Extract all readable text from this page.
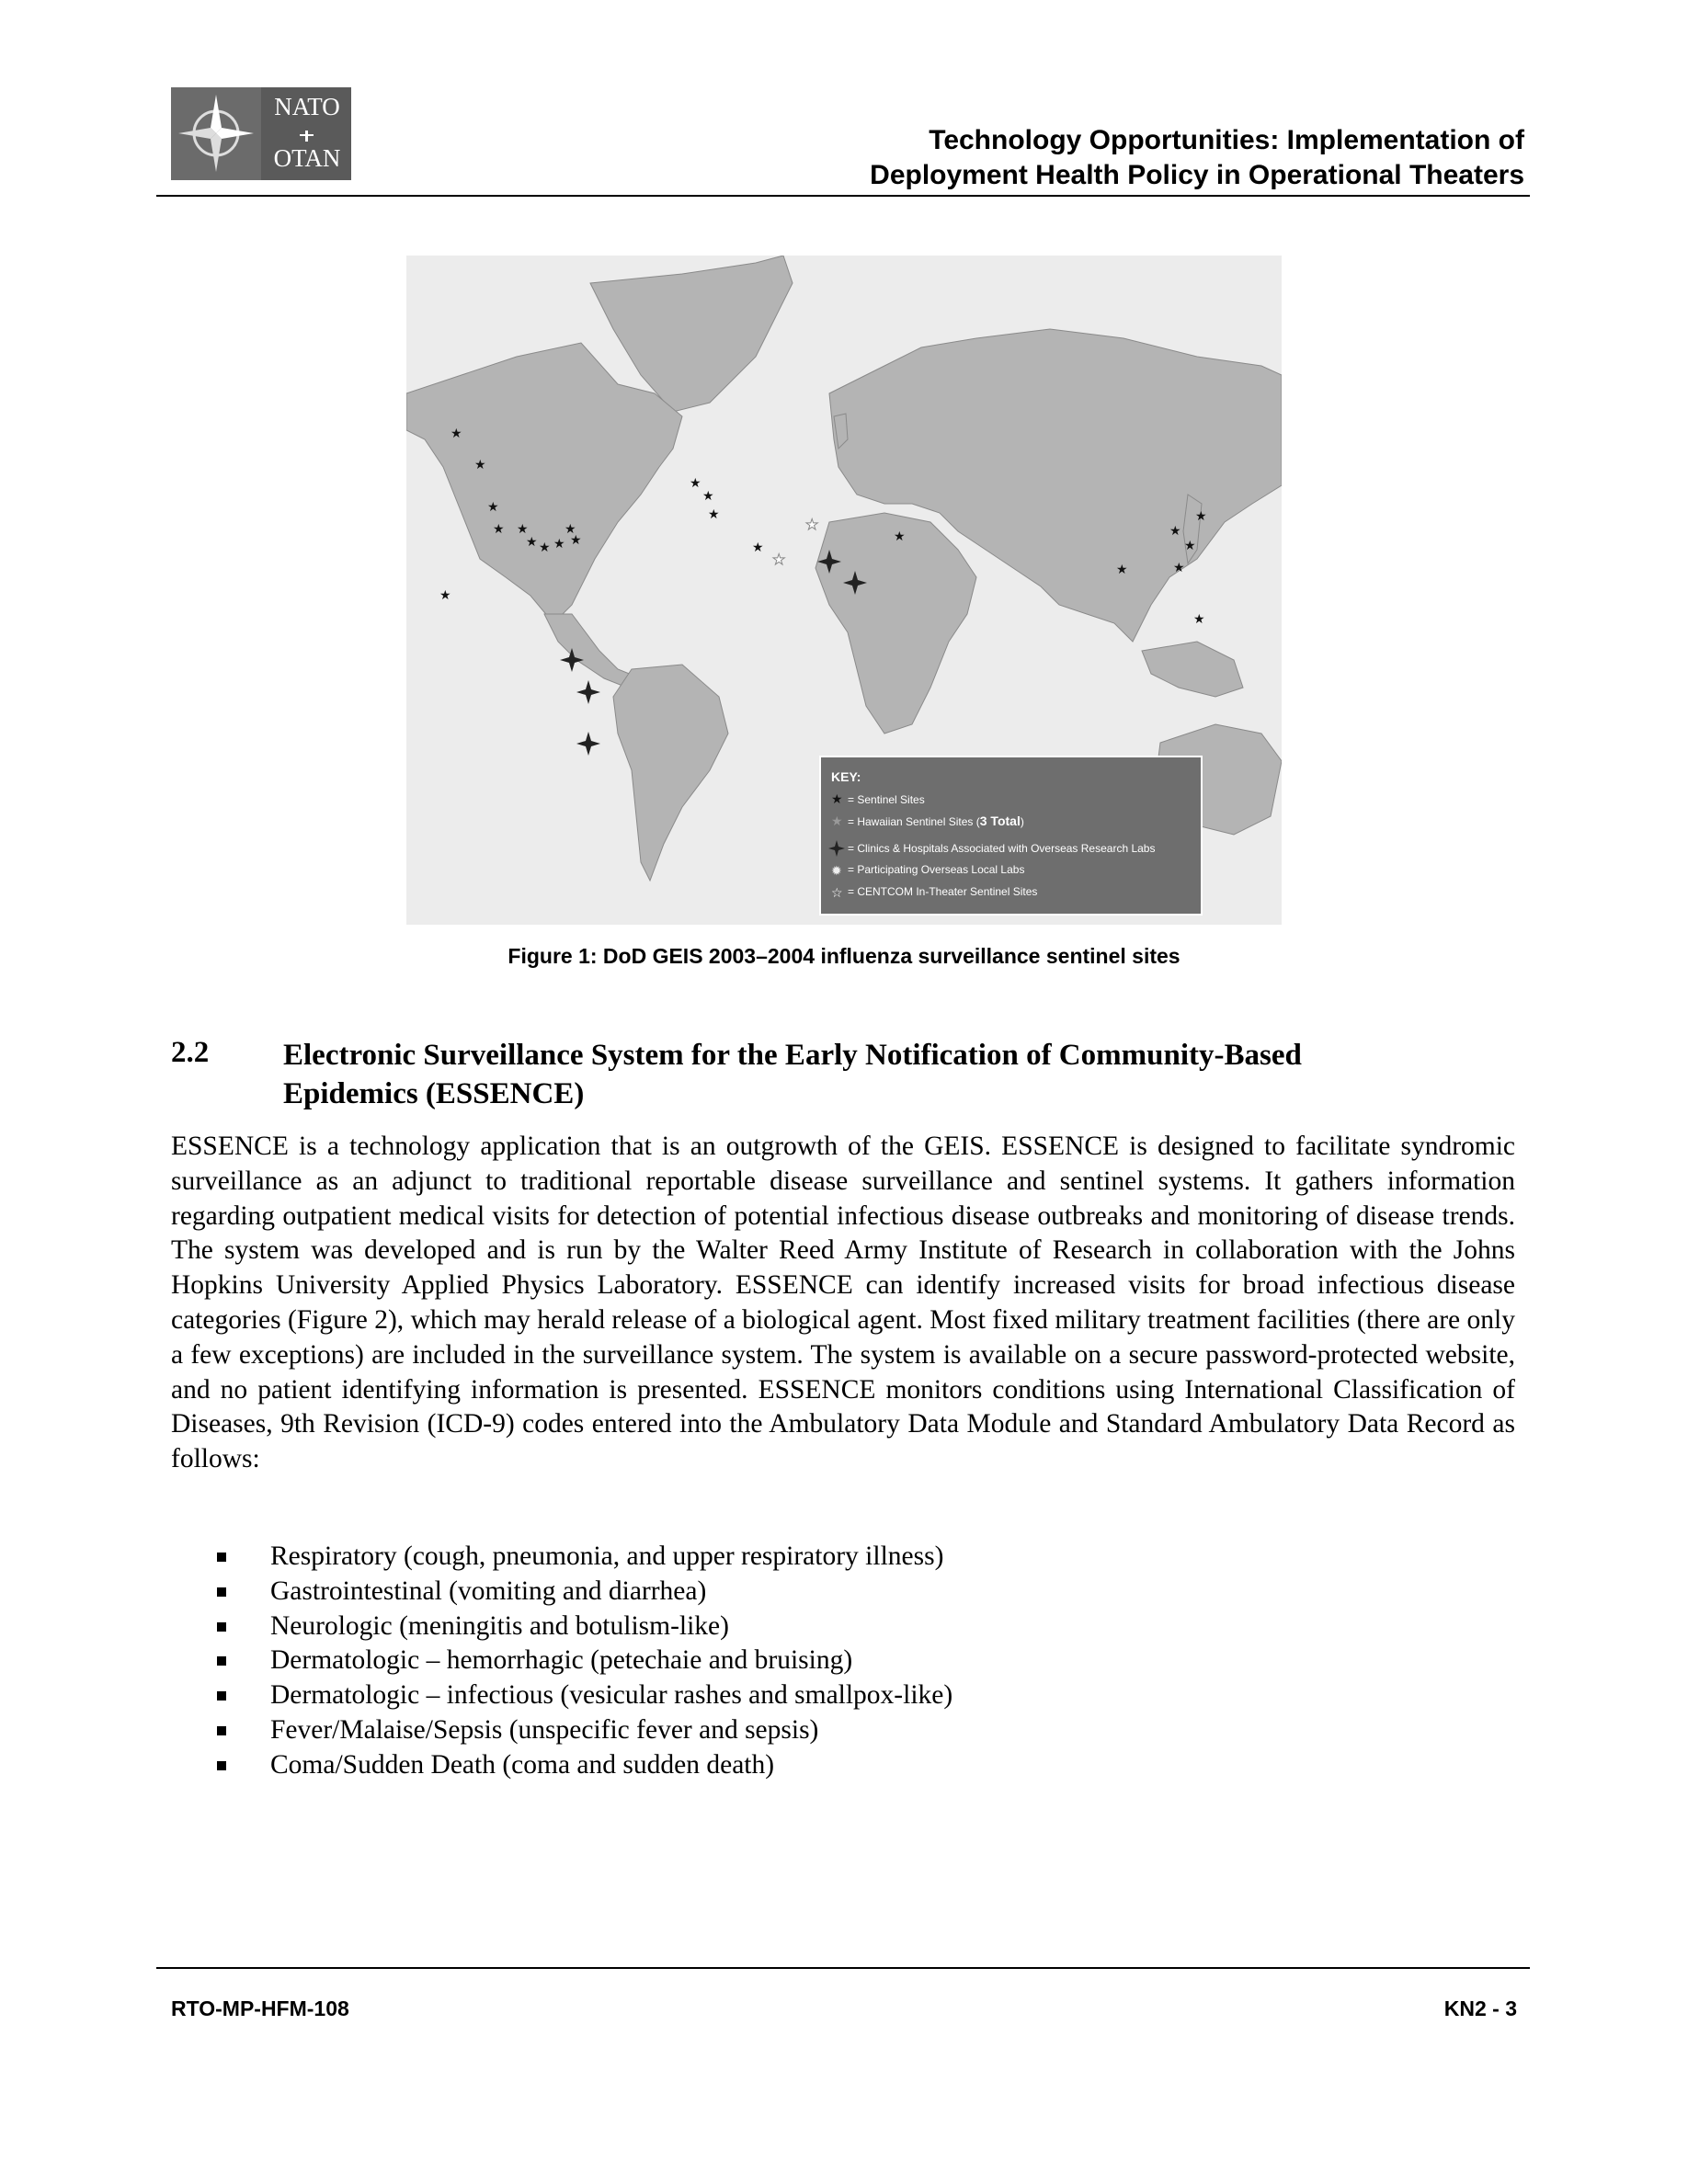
NATO
OTAN
Technology Opportunities: Implementation of
Deployment Health Policy in Operational Theaters
★
★
★
★ ★
★ ★ ★
★
★
★
★
★
★
★
★	★
★
★
★
★
★
★
★
KEY:
★ = Sentinel Sites
★ = Hawaiian Sentinel Sites (3 Total)
= Clinics & Hospitals Associated with Overseas Research Labs
✹ = Participating Overseas Local Labs
☆ = CENTCOM In-Theater Sentinel Sites
Figure 1: DoD GEIS 2003–2004 influenza surveillance sentinel sites
2.2 Electronic Surveillance System for the Early Notification of Community-Based Epidemics (ESSENCE)
ESSENCE is a technology application that is an outgrowth of the GEIS. ESSENCE is designed to facilitate syndromic surveillance as an adjunct to traditional reportable disease surveillance and sentinel systems. It gathers information regarding outpatient medical visits for detection of potential infectious disease outbreaks and monitoring of disease trends. The system was developed and is run by the Walter Reed Army Institute of Research in collaboration with the Johns Hopkins University Applied Physics Laboratory. ESSENCE can identify increased visits for broad infectious disease categories (Figure 2), which may herald release of a biological agent. Most fixed military treatment facilities (there are only a few exceptions) are included in the surveillance system. The system is available on a secure password-protected website, and no patient identifying information is presented. ESSENCE monitors conditions using International Classification of Diseases, 9th Revision (ICD-9) codes entered into the Ambulatory Data Module and Standard Ambulatory Data Record as follows:
Respiratory (cough, pneumonia, and upper respiratory illness)
Gastrointestinal (vomiting and diarrhea)
Neurologic (meningitis and botulism-like)
Dermatologic – hemorrhagic (petechaie and bruising)
Dermatologic – infectious (vesicular rashes and smallpox-like)
Fever/Malaise/Sepsis (unspecific fever and sepsis)
Coma/Sudden Death (coma and sudden death)
RTO-MP-HFM-108	KN2 - 3
